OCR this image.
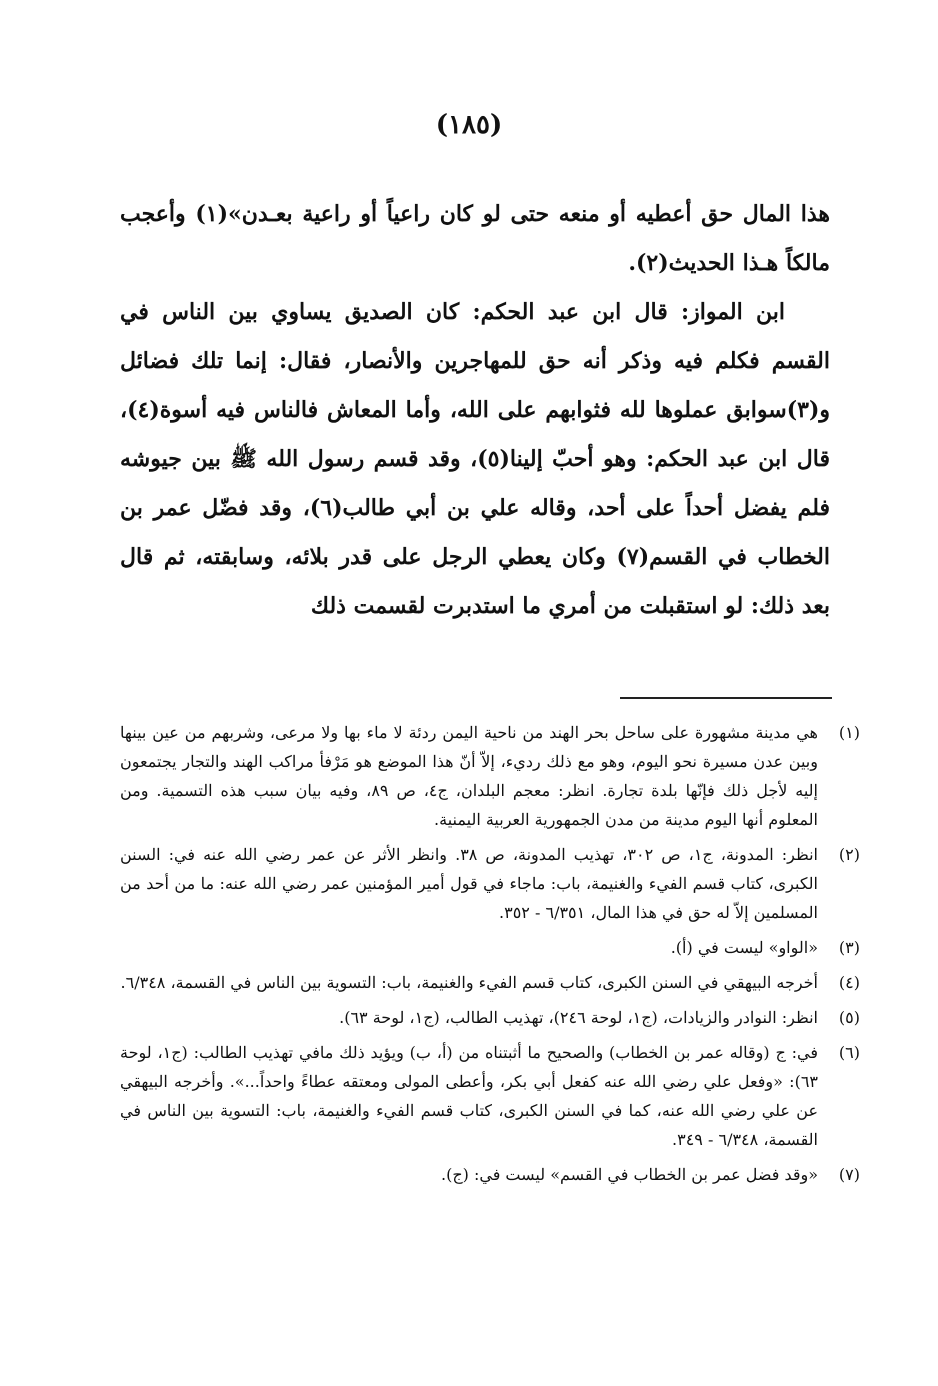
(١٨٥)

هذا المال حق أعطيه أو منعه حتى لو كان راعياً أو راعية بعـدن»(١) وأعجب مالكاً هـذا الحديث(٢).

ابن المواز: قال ابن عبد الحكم: كان الصديق يساوي بين الناس في القسم فكلم فيه وذكر أنه حق للمهاجرين والأنصار، فقال: إنما تلك فضائل و(٣)سوابق عملوها لله فثوابهم على الله، وأما المعاش فالناس فيه أسوة(٤)، قال ابن عبد الحكم: وهو أحبّ إلينا(٥)، وقد قسم رسول الله ﷺ بين جيوشه فلم يفضل أحداً على أحد، وقاله علي بن أبي طالب(٦)، وقد فضّل عمر بن الخطاب في القسم(٧) وكان يعطي الرجل على قدر بلائه، وسابقته، ثم قال بعد ذلك: لو استقبلت من أمري ما استدبرت لقسمت ذلك

(١)
هي مدينة مشهورة على ساحل بحر الهند من ناحية اليمن ردئة لا ماء بها ولا مرعى، وشربهم من عين بينها وبين عدن مسيرة نحو اليوم، وهو مع ذلك رديء، إلاّ أنّ هذا الموضع هو مَرْفأ مراكب الهند والتجار يجتمعون إليه لأجل ذلك فإنّها بلدة تجارة. انظر: معجم البلدان، ج٤، ص ٨٩، وفيه بيان سبب هذه التسمية. ومن المعلوم أنها اليوم مدينة من مدن الجمهورية العربية اليمنية.
(٢)
انظر: المدونة، ج١، ص ٣٠٢، تهذيب المدونة، ص ٣٨. وانظر الأثر عن عمر رضي الله عنه في: السنن الكبرى، كتاب قسم الفيء والغنيمة، باب: ماجاء في قول أمير المؤمنين عمر رضي الله عنه: ما من أحد من المسلمين إلاّ له حق في هذا المال، ٦/٣٥١ - ٣٥٢.
(٣)
«الواو» ليست في (أ).
(٤)
أخرجه البيهقي في السنن الكبرى، كتاب قسم الفيء والغنيمة، باب: التسوية بين الناس في القسمة، ٦/٣٤٨.
(٥)
انظر: النوادر والزيادات، (ج١، لوحة ٢٤٦)، تهذيب الطالب، (ج١، لوحة ٦٣).
(٦)
في: ج (وقاله عمر بن الخطاب) والصحيح ما أثبتناه من (أ، ب) ويؤيد ذلك مافي تهذيب الطالب: (ج١، لوحة ٦٣): «وفعل علي رضي الله عنه كفعل أبي بكر، وأعطى المولى ومعتقه عطاءً واحداً...». وأخرجه البيهقي عن علي رضي الله عنه، كما في السنن الكبرى، كتاب قسم الفيء والغنيمة، باب: التسوية بين الناس في القسمة، ٦/٣٤٨ - ٣٤٩.
(٧)
«وقد فضل عمر بن الخطاب في القسم» ليست في: (ج).
